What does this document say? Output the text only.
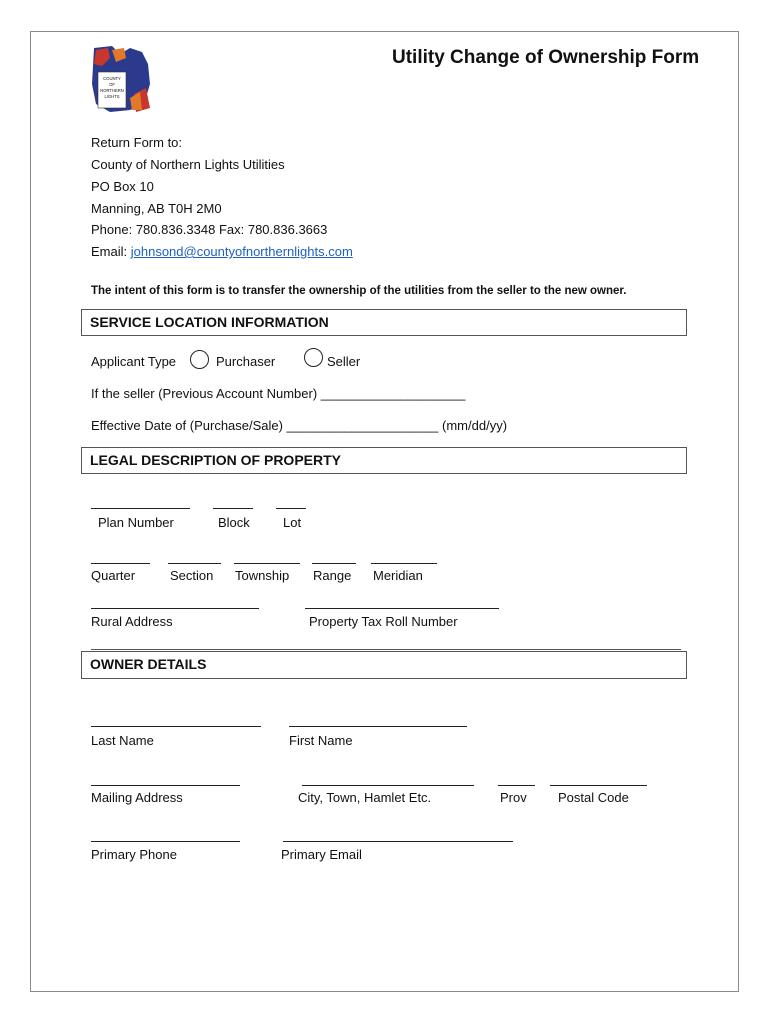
COUNTY
OF
NORTHERN
LIGHTS
Utility Change of Ownership Form
Return Form to:
County of Northern Lights Utilities
PO Box 10
Manning, AB T0H 2M0
Phone: 780.836.3348 Fax: 780.836.3663
Email: johnsond@countyofnorthernlights.com
The intent of this form is to transfer the ownership of the utilities from the seller to the new owner.
SERVICE LOCATION INFORMATION
Applicant Type	Purchaser	Seller
If the seller (Previous Account Number) ____________________
Effective Date of (Purchase/Sale) _____________________ (mm/dd/yy)
LEGAL DESCRIPTION OF PROPERTY
Plan Number	Block	Lot
Quarter	Section Township Range Meridian
Rural Address	Property Tax Roll Number
OWNER DETAILS
Last Name	First Name
Mailing Address	City, Town, Hamlet Etc.	Prov Postal Code
Primary Phone	Primary Email
